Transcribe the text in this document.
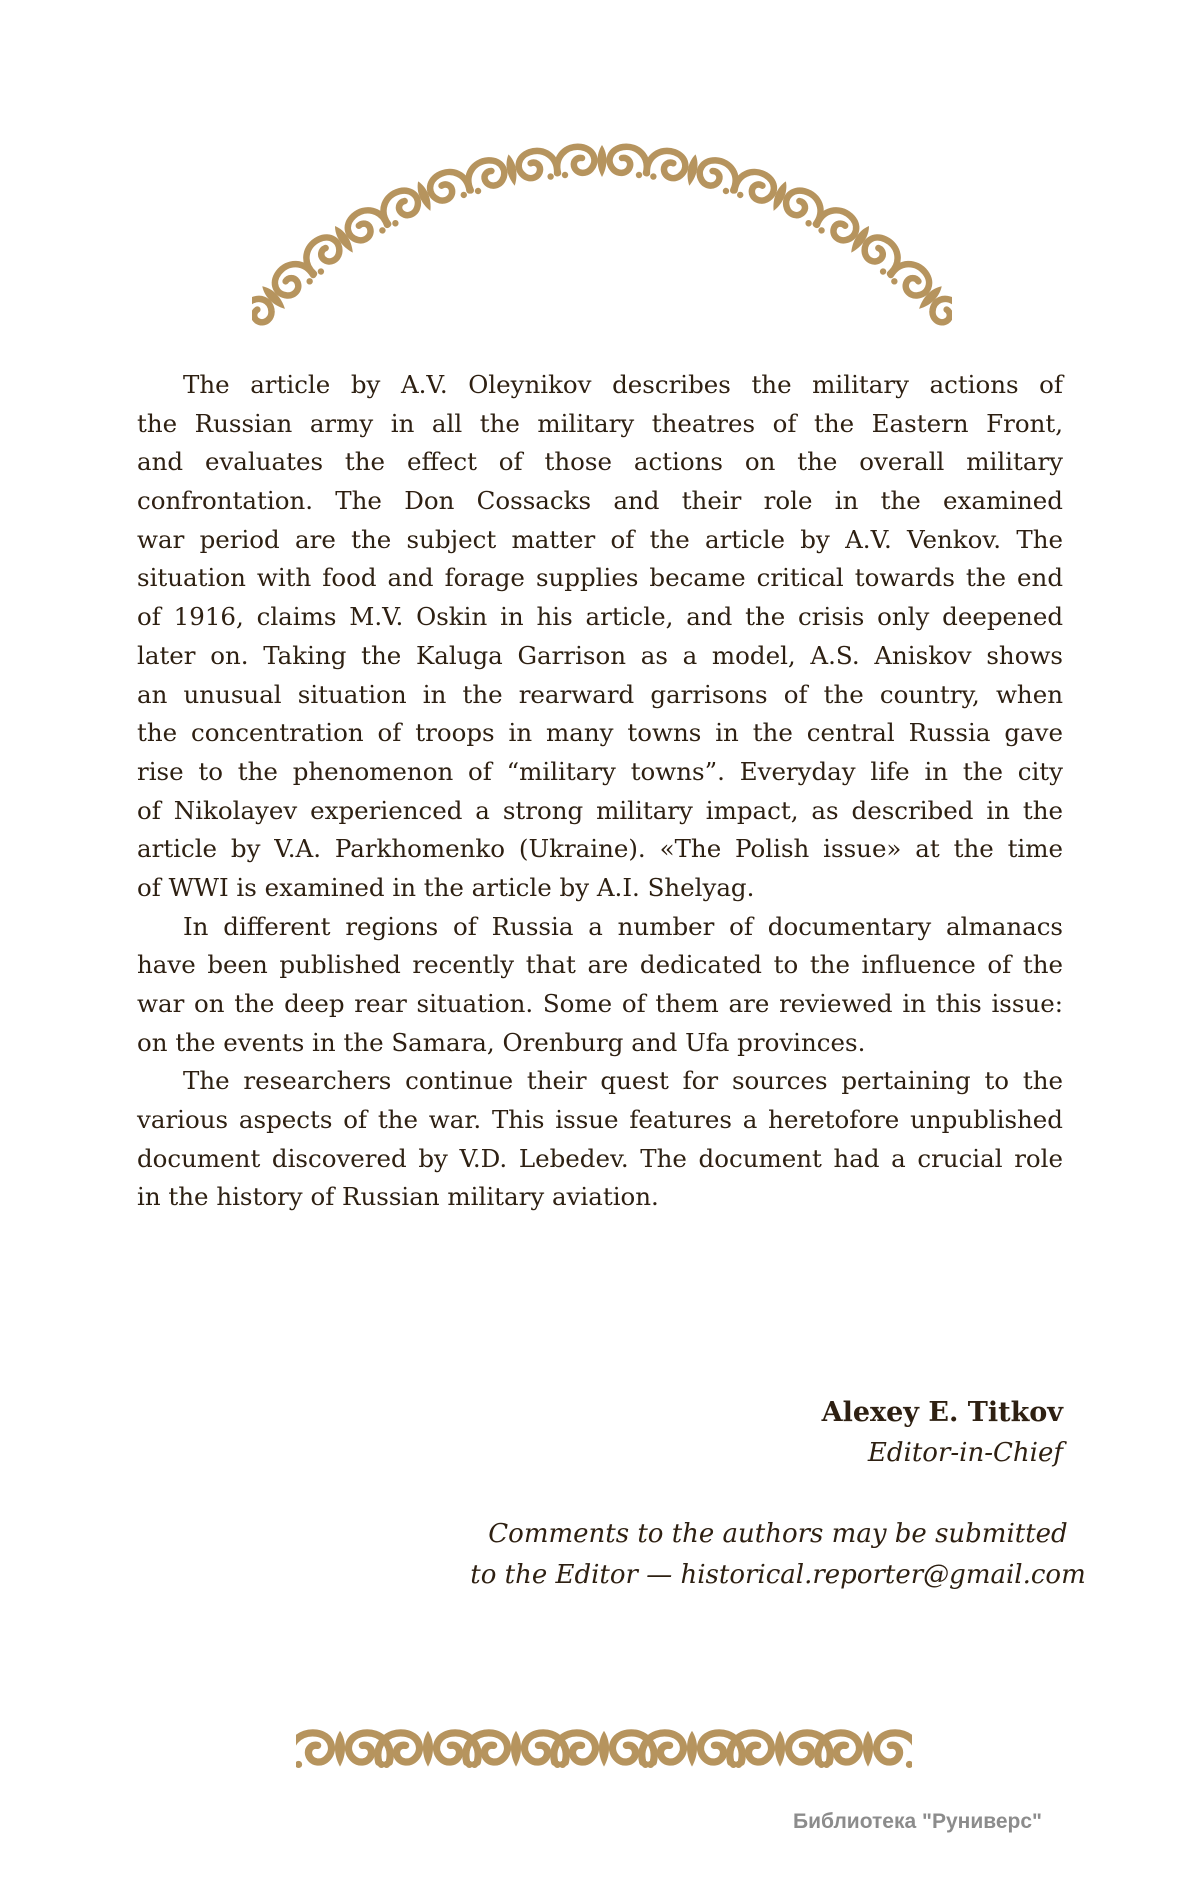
The article by A.V. Oleynikov describes the military actions of
the Russian army in all the military theatres of the Eastern Front,
and evaluates the effect of those actions on the overall military
confrontation. The Don Cossacks and their role in the examined
war period are the subject matter of the article by A.V. Venkov. The
situation with food and forage supplies became critical towards the end
of 1916, claims M.V. Oskin in his article, and the crisis only deepened
later on. Taking the Kaluga Garrison as a model, A.S. Aniskov shows
an unusual situation in the rearward garrisons of the country, when
the concentration of troops in many towns in the central Russia gave
rise to the phenomenon of “military towns”. Everyday life in the city
of Nikolayev experienced a strong military impact, as described in the
article by V.A. Parkhomenko (Ukraine). «The Polish issue» at the time
of WWI is examined in the article by A.I. Shelyag.
In different regions of Russia a number of documentary almanacs
have been published recently that are dedicated to the influence of the
war on the deep rear situation. Some of them are reviewed in this issue:
on the events in the Samara, Orenburg and Ufa provinces.
The researchers continue their quest for sources pertaining to the
various aspects of the war. This issue features a heretofore unpublished
document discovered by V.D. Lebedev. The document had a crucial role
in the history of Russian military aviation.
Alexey E. Titkov
Editor-in-Chief
Comments to the authors may be submitted
to the Editor — historical.reporter@gmail.com
Библиотека "Руниверс"
